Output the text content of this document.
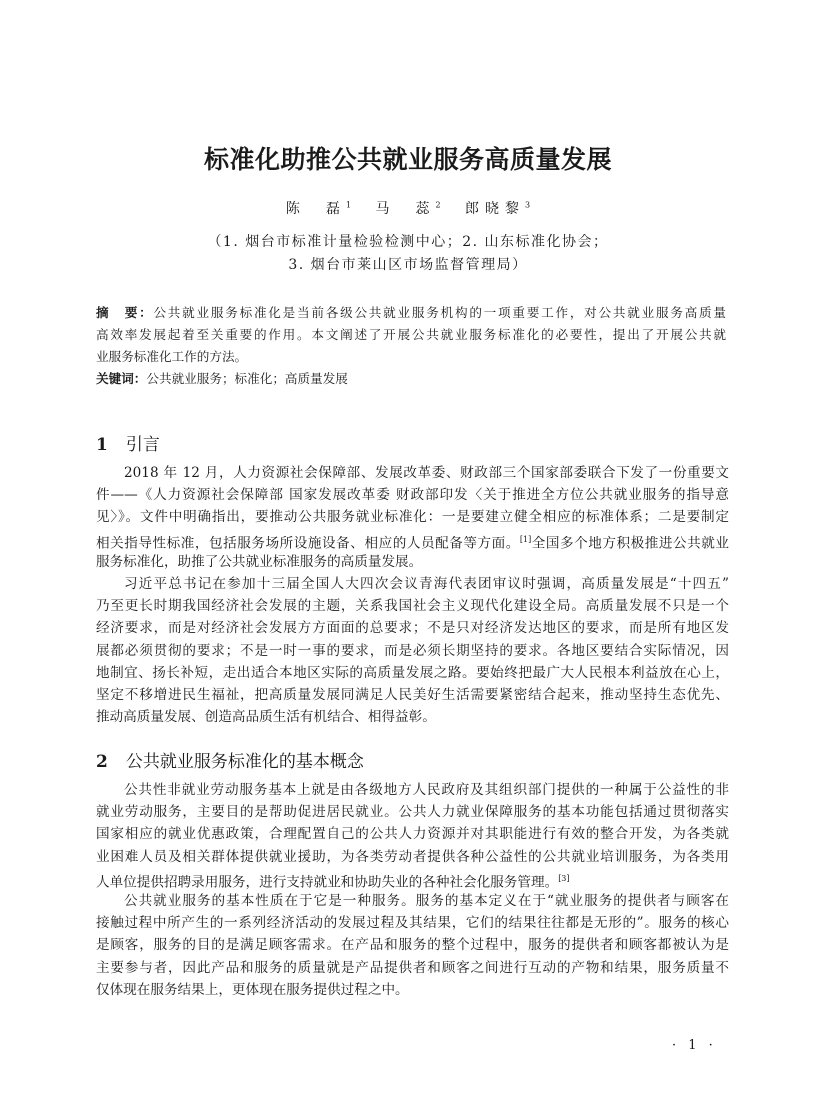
标准化助推公共就业服务高质量发展
陈　磊$^1$ 马　蕊$^2$ 郎晓黎$^3$
（1. 烟台市标准计量检验检测中心；2. 山东标准化协会；
3. 烟台市莱山区市场监督管理局）
摘　要：公共就业服务标准化是当前各级公共就业服务机构的一项重要工作，对公共就业服务高质量
高效率发展起着至关重要的作用。本文阐述了开展公共就业服务标准化的必要性，提出了开展公共就
业服务标准化工作的方法。
关键词：公共就业服务；标准化；高质量发展
1 引言
2018 年 12 月，人力资源社会保障部、发展改革委、财政部三个国家部委联合下发了一份重要文
件——《人力资源社会保障部 国家发展改革委 财政部印发〈关于推进全方位公共就业服务的指导意
见〉》。文件中明确指出，要推动公共服务就业标准化：一是要建立健全相应的标准体系；二是要制定
相关指导性标准，包括服务场所设施设备、相应的人员配备等方面。[1]全国多个地方积极推进公共就业
服务标准化，助推了公共就业标准服务的高质量发展。
习近平总书记在参加十三届全国人大四次会议青海代表团审议时强调，高质量发展是“十四五”
乃至更长时期我国经济社会发展的主题，关系我国社会主义现代化建设全局。高质量发展不只是一个
经济要求，而是对经济社会发展方方面面的总要求；不是只对经济发达地区的要求，而是所有地区发
展都必须贯彻的要求；不是一时一事的要求，而是必须长期坚持的要求。各地区要结合实际情况，因
地制宜、扬长补短，走出适合本地区实际的高质量发展之路。要始终把最广大人民根本利益放在心上，
坚定不移增进民生福祉，把高质量发展同满足人民美好生活需要紧密结合起来，推动坚持生态优先、
推动高质量发展、创造高品质生活有机结合、相得益彰。
2 公共就业服务标准化的基本概念
公共性非就业劳动服务基本上就是由各级地方人民政府及其组织部门提供的一种属于公益性的非
就业劳动服务，主要目的是帮助促进居民就业。公共人力就业保障服务的基本功能包括通过贯彻落实
国家相应的就业优惠政策，合理配置自己的公共人力资源并对其职能进行有效的整合开发，为各类就
业困难人员及相关群体提供就业援助，为各类劳动者提供各种公益性的公共就业培训服务，为各类用
人单位提供招聘录用服务，进行支持就业和协助失业的各种社会化服务管理。[3]
公共就业服务的基本性质在于它是一种服务。服务的基本定义在于“就业服务的提供者与顾客在
接触过程中所产生的一系列经济活动的发展过程及其结果，它们的结果往往都是无形的”。服务的核心
是顾客，服务的目的是满足顾客需求。在产品和服务的整个过程中，服务的提供者和顾客都被认为是
主要参与者，因此产品和服务的质量就是产品提供者和顾客之间进行互动的产物和结果，服务质量不
仅体现在服务结果上，更体现在服务提供过程之中。
· 1 ·
